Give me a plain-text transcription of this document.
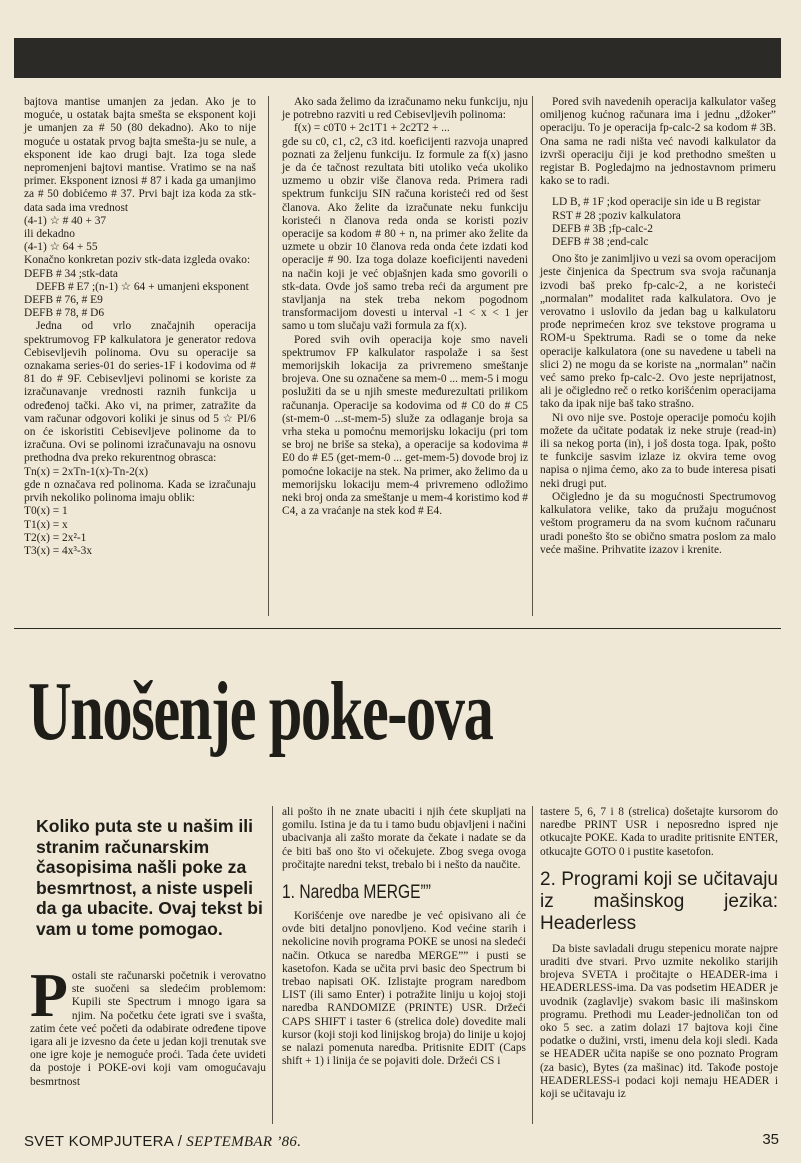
bajtova mantise umanjen za jedan. Ako je to moguće, u ostatak bajta smešta se eksponent koji je umanjen za # 50 (80 dekadno). Ako to nije moguće u ostatak prvog bajta smešta-ju se nule, a eksponent ide kao drugi bajt. Iza toga slede nepromenjeni bajtovi mantise. Vratimo se na naš primer. Eksponent iznosi # 87 i kada ga umanjimo za # 50 dobićemo # 37. Prvi bajt iza koda za stk-data sada ima vrednost

(4-1) ☆ # 40 + 37

ili dekadno

(4-1) ☆ 64 + 55

Konačno konkretan poziv stk-data izgleda ovako:

DEFB # 34 ;stk-data

DEFB # E7 ;(n-1) ☆ 64 + umanjeni eksponent

DEFB # 76, # E9

DEFB # 78, # D6

Jedna od vrlo značajnih operacija spektrumovog FP kalkulatora je generator redova Cebisevljevih polinoma. Ovu su operacije sa oznakama series-01 do series-1F i kodovima od # 81 do # 9F. Cebisevljevi polinomi se koriste za izračunavanje vrednosti raznih funkcija u određenoj tački. Ako vi, na primer, zatražite da vam računar odgovori koliki je sinus od 5 ☆ PI/6 on će iskoristiti Cebisevljeve polinome da to izračuna. Ovi se polinomi izračunavaju na osnovu prethodna dva preko rekurentnog obrasca:

Tn(x) = 2xTn-1(x)-Tn-2(x)

gde n označava red polinoma. Kada se izračunaju prvih nekoliko polinoma imaju oblik:

T0(x) = 1

T1(x) = x

T2(x) = 2x²-1

T3(x) = 4x³-3x

Ako sada želimo da izračunamo neku funkciju, nju je potrebno razviti u red Cebisevljevih polinoma:

f(x) = c0T0 + 2c1T1 + 2c2T2 + ...

gde su c0, c1, c2, c3 itd. koeficijenti razvoja unapred poznati za željenu funkciju. Iz formule za f(x) jasno je da će tačnost rezultata biti utoliko veća ukoliko uzmemo u obzir više članova reda. Primera radi spektrum funkciju SIN računa koristeći red od šest članova. Ako želite da izračunate neku funkciju koristeći n članova reda onda se koristi poziv operacije sa kodom # 80 + n, na primer ako želite da uzmete u obzir 10 članova reda onda ćete izdati kod operacije # 90. Iza toga dolaze koeficijenti navedeni na način koji je već objašnjen kada smo govorili o stk-data. Ovde još samo treba reći da argument pre stavljanja na stek treba nekom pogodnom transformacijom dovesti u interval -1 < x < 1 jer samo u tom slučaju važi formula za f(x).

Pored svih ovih operacija koje smo naveli spektrumov FP kalkulator raspolaže i sa šest memorijskih lokacija za privremeno smeštanje brojeva. One su označene sa mem-0 ... mem-5 i mogu poslužiti da se u njih smeste međurezultati prilikom računanja. Operacije sa kodovima od # C0 do # C5 (st-mem-0 ...st-mem-5) služe za odlaganje broja sa vrha steka u pomoćnu memorijsku lokaciju (pri tom se broj ne briše sa steka), a operacije sa kodovima # E0 do # E5 (get-mem-0 ... get-mem-5) dovode broj iz pomoćne lokacije na stek. Na primer, ako želimo da u memorijsku lokaciju mem-4 privremeno odložimo neki broj onda za smeštanje u mem-4 koristimo kod # C4, a za vraćanje na stek kod # E4.

Pored svih navedenih operacija kalkulator vašeg omiljenog kućnog računara ima i jednu „džoker” operaciju. To je operacija fp-calc-2 sa kodom # 3B. Ona sama ne radi ništa već navodi kalkulator da izvrši operaciju čiji je kod prethodno smešten u registar B. Pogledajmo na jednostavnom primeru kako se to radi.

LD B, # 1F ;kod operacije sin ide u B registar

RST # 28 ;poziv kalkulatora

DEFB # 3B ;fp-calc-2

DEFB # 38 ;end-calc

Ono što je zanimljivo u vezi sa ovom operacijom jeste činjenica da Spectrum sva svoja računanja izvodi baš preko fp-calc-2, a ne koristeći „normalan” modalitet rada kalkulatora. Ovo je verovatno i uslovilo da jedan bag u kalkulatoru prođe neprimećen kroz sve tekstove programa u ROM-u Spektruma. Radi se o tome da neke operacije kalkulatora (one su navedene u tabeli na slici 2) ne mogu da se koriste na „normalan” način već samo preko fp-calc-2. Ovo jeste neprijatnost, ali je očigledno reč o retko korišćenim operacijama tako da ipak nije baš tako strašno.

Ni ovo nije sve. Postoje operacije pomoću kojih možete da učitate podatak iz neke struje (read-in) ili sa nekog porta (in), i još dosta toga. Ipak, pošto te funkcije sasvim izlaze iz okvira teme ovog napisa o njima ćemo, ako za to bude interesa pisati neki drugi put.

Očigledno je da su mogućnosti Spectrumovog kalkulatora velike, tako da pružaju mogućnost veštom programeru da na svom kućnom računaru uradi ponešto što se obično smatra poslom za malo veće mašine. Prihvatite izazov i krenite.

Unošenje poke-ova
Koliko puta ste u našim ili stranim računarskim časopisima našli poke za besmrtnost, a niste uspeli da ga ubacite. Ovaj tekst bi vam u tome pomogao.

Postali ste računarski početnik i verovatno ste suočeni sa sledećim problemom: Kupili ste Spectrum i mnogo igara sa njim. Na početku ćete igrati sve i svašta, zatim ćete već početi da odabirate određene tipove igara ali je izvesno da ćete u jedan koji trenutak sve one igre koje je nemoguće proći. Tada ćete uvideti da postoje i POKE-ovi koji vam omogućavaju besmrtnost

ali pošto ih ne znate ubaciti i njih ćete skupljati na gomilu. Istina je da tu i tamo budu objavljeni i načini ubacivanja ali zašto morate da čekate i nadate se da će biti baš ono što vi očekujete. Zbog svega ovoga pročitajte naredni tekst, trebalo bi i nešto da naučite.

1. Naredba MERGE””

Korišćenje ove naredbe je već opisivano ali će ovde biti detaljno ponovljeno. Kod većine starih i nekolicine novih programa POKE se unosi na sledeći način. Otkuca se naredba MERGE”” i pusti se kasetofon. Kada se učita prvi basic deo Spectrum bi trebao napisati OK. Izlistajte program naredbom LIST (ili samo Enter) i potražite liniju u kojoj stoji naredba RANDOMIZE (PRINTE) USR. Držeći CAPS SHIFT i taster 6 (strelica dole) dovedite mali kursor (koji stoji kod linijskog broja) do linije u kojoj se nalazi pomenuta naredba. Pritisnite EDIT (Caps shift + 1) i linija će se pojaviti dole. Držeći CS i

tastere 5, 6, 7 i 8 (strelica) došetajte kursorom do naredbe PRINT USR i neposredno ispred nje otkucajte POKE. Kada to uradite pritisnite ENTER, otkucajte GOTO 0 i pustite kasetofon.

2. Programi koji se učitavaju iz mašinskog jezika: Headerless

Da biste savladali drugu stepenicu morate najpre uraditi dve stvari. Prvo uzmite nekoliko starijih brojeva SVETA i pročitajte o HEADER-ima i HEADERLESS-ima. Da vas podsetim HEADER je uvodnik (zaglavlje) svakom basic ili mašinskom programu. Prethodi mu Leader-jednoličan ton od oko 5 sec. a zatim dolazi 17 bajtova koji čine podatke o dužini, vrsti, imenu dela koji sledi. Kada se HEADER učita napiše se ono poznato Program (za basic), Bytes (za mašinac) itd. Takođe postoje HEADERLESS-i podaci koji nemaju HEADER i koji se učitavaju iz

SVET KOMPJUTERA / SEPTEMBAR ’86.	35
